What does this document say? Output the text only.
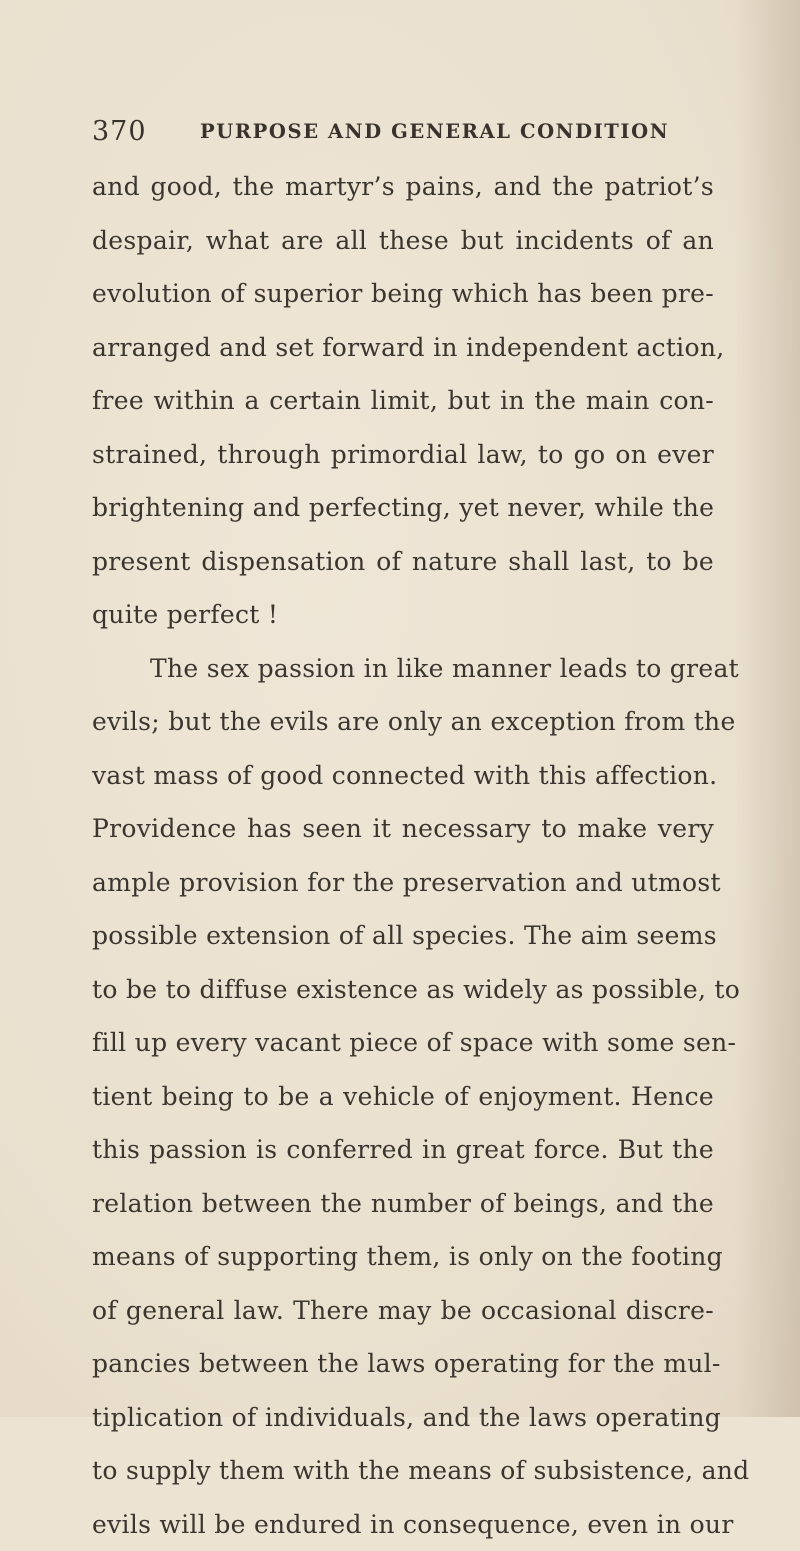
370	PURPOSE AND GENERAL CONDITION
and good, the martyr’s pains, and the patriot’s
despair, what are all these but incidents of an
evolution of superior being which has been pre-
arranged and set forward in independent action,
free within a certain limit, but in the main con-
strained, through primordial law, to go on ever
brightening and perfecting, yet never, while the
present dispensation of nature shall last, to be
quite perfect !
The sex passion in like manner leads to great
evils; but the evils are only an exception from the
vast mass of good connected with this affection.
Providence has seen it necessary to make very
ample provision for the preservation and utmost
possible extension of all species. The aim seems
to be to diffuse existence as widely as possible, to
fill up every vacant piece of space with some sen-
tient being to be a vehicle of enjoyment. Hence
this passion is conferred in great force. But the
relation between the number of beings, and the
means of supporting them, is only on the footing
of general law. There may be occasional discre-
pancies between the laws operating for the mul-
tiplication of individuals, and the laws operating
to supply them with the means of subsistence, and
evils will be endured in consequence, even in our
